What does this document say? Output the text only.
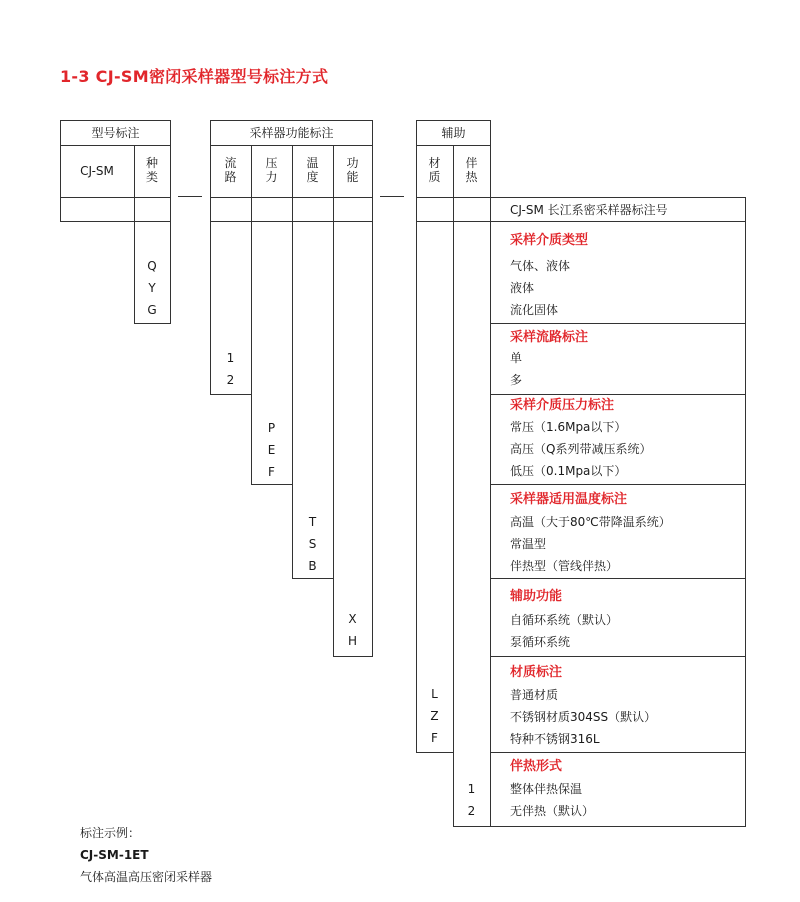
1-3 CJ-SM密闭采样器型号标注方式
型号标注
CJ-SM
种
类
Q
Y
G
采样器功能标注
流
路
压
力
温
度
功
能
1
2
P
E
F
T
S
B
X
H
辅助
材
质
伴
热
L
Z
F
1
2
CJ-SM 长江系密采样器标注号
采样介质类型
气体、液体
液体
流化固体
采样流路标注
单
多
采样介质压力标注
常压（1.6Mpa以下）
高压（Q系列带减压系统）
低压（0.1Mpa以下）
采样器适用温度标注
高温（大于80℃带降温系统）
常温型
伴热型（管线伴热）
辅助功能
自循环系统（默认）
泵循环系统
材质标注
普通材质
不锈钢材质304SS（默认）
特种不锈钢316L
伴热形式
整体伴热保温
无伴热（默认）
标注示例：
CJ-SM-1ET
气体高温高压密闭采样器
